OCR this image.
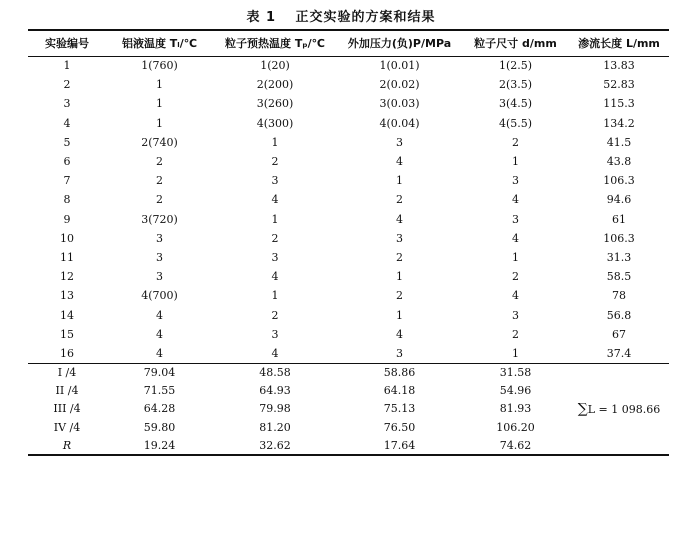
表 1 正交实验的方案和结果
实验编号	铝液温度 Tₗ/℃	粒子预热温度 Tₚ/℃	外加压力(负)P/MPa	粒子尺寸 d/mm	渗流长度 L/mm
1	1(760)	1(20)	1(0.01)	1(2.5)	13.83
2	1	2(200)	2(0.02)	2(3.5)	52.83
3	1	3(260)	3(0.03)	3(4.5)	115.3
4	1	4(300)	4(0.04)	4(5.5)	134.2
5	2(740)	1	3	2	41.5
6	2	2	4	1	43.8
7	2	3	1	3	106.3
8	2	4	2	4	94.6
9	3(720)	1	4	3	61
10	3	2	3	4	106.3
11	3	3	2	1	31.3
12	3	4	1	2	58.5
13	4(700)	1	2	4	78
14	4	2	1	3	56.8
15	4	3	4	2	67
16	4	4	3	1	37.4
I /4	79.04	48.58	58.86	31.58	∑L = 1 098.66
II /4	71.55	64.93	64.18	54.96	
III /4	64.28	79.98	75.13	81.93	
IV /4	59.80	81.20	76.50	106.20	
R	19.24	32.62	17.64	74.62	
